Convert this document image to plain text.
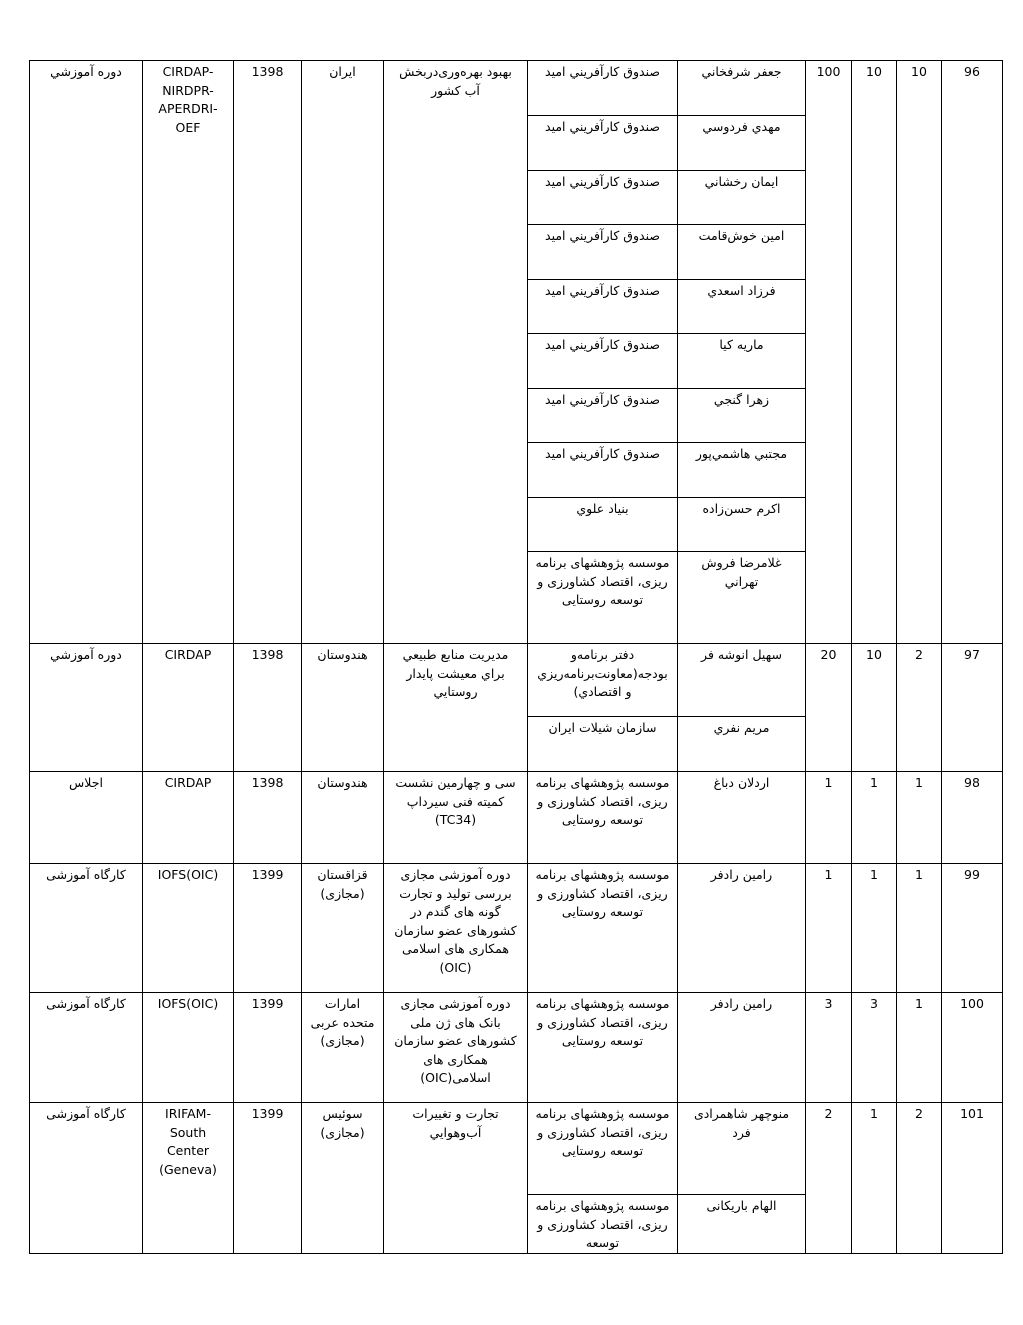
دوره آموزشي	CIRDAP-NIRDPR-APERDRI-OEF	1398	ایران	بهبود بهره‌وری‌دربخش آب کشور	صندوق كارآفريني اميد	جعفر شرفخاني	100	10	10	96
					صندوق كارآفريني اميد	مهدي فردوسي				
					صندوق كارآفريني اميد	ايمان رخشاني				
					صندوق كارآفريني اميد	امين خوش‌قامت				
					صندوق كارآفريني اميد	فرزاد اسعدي				
					صندوق كارآفريني اميد	ماريه كيا				
					صندوق كارآفريني اميد	زهرا گنجي				
					صندوق كارآفريني اميد	مجتبي هاشمي‌پور				
					بنياد علوي	اكرم حسن‌زاده				
					موسسه پژوهشهای برنامه ریزی، اقتصاد کشاورزی و توسعه روستایی	غلامرضا فروش تهراني				
دوره آموزشي	CIRDAP	1398	هندوستان	مديريت منابع طبيعي براي معيشت پايدار روستايي	دفتر برنامه‌و بودجه(معاونت‌برنامه‌ریزي و اقتصادي)	سهيل انوشه فر	20	10	2	97
					سازمان شيلات ايران	مريم نفري				
اجلاس	CIRDAP	1398	هندوستان	سی و چهارمین نشست کمیته فنی سیرداپ (TC34)	موسسه پژوهشهای برنامه ریزی، اقتصاد کشاورزی و توسعه روستایی	اردلان دباغ	1	1	1	98
کارگاه آموزشی	IOFS(OIC)	1399	قزاقستان (مجازی)	دوره آموزشی مجازی بررسی تولید و تجارت گونه های گندم در کشورهای عضو سازمان همکاری های اسلامی (OIC)	موسسه پژوهشهای برنامه ریزی، اقتصاد کشاورزی و توسعه روستایی	رامین رادفر	1	1	1	99
کارگاه آموزشی	IOFS(OIC)	1399	امارات متحده عربی (مجازی)	دوره آموزشی مجازی بانک های ژن ملی کشورهای عضو سازمان همکاری های اسلامی(OIC)	موسسه پژوهشهای برنامه ریزی، اقتصاد کشاورزی و توسعه روستایی	رامین رادفر	3	3	1	100
کارگاه آموزشی	IRIFAM-South Center (Geneva)	1399	سوئیس (مجازی)	تجارت و تغييرات آب‌وهوايي	موسسه پژوهشهای برنامه ریزی، اقتصاد کشاورزی و توسعه روستایی	منوچهر شاهمرادی فرد	2	1	2	101
					موسسه پژوهشهای برنامه ریزی، اقتصاد کشاورزی و توسعه	الهام باریکانی				
